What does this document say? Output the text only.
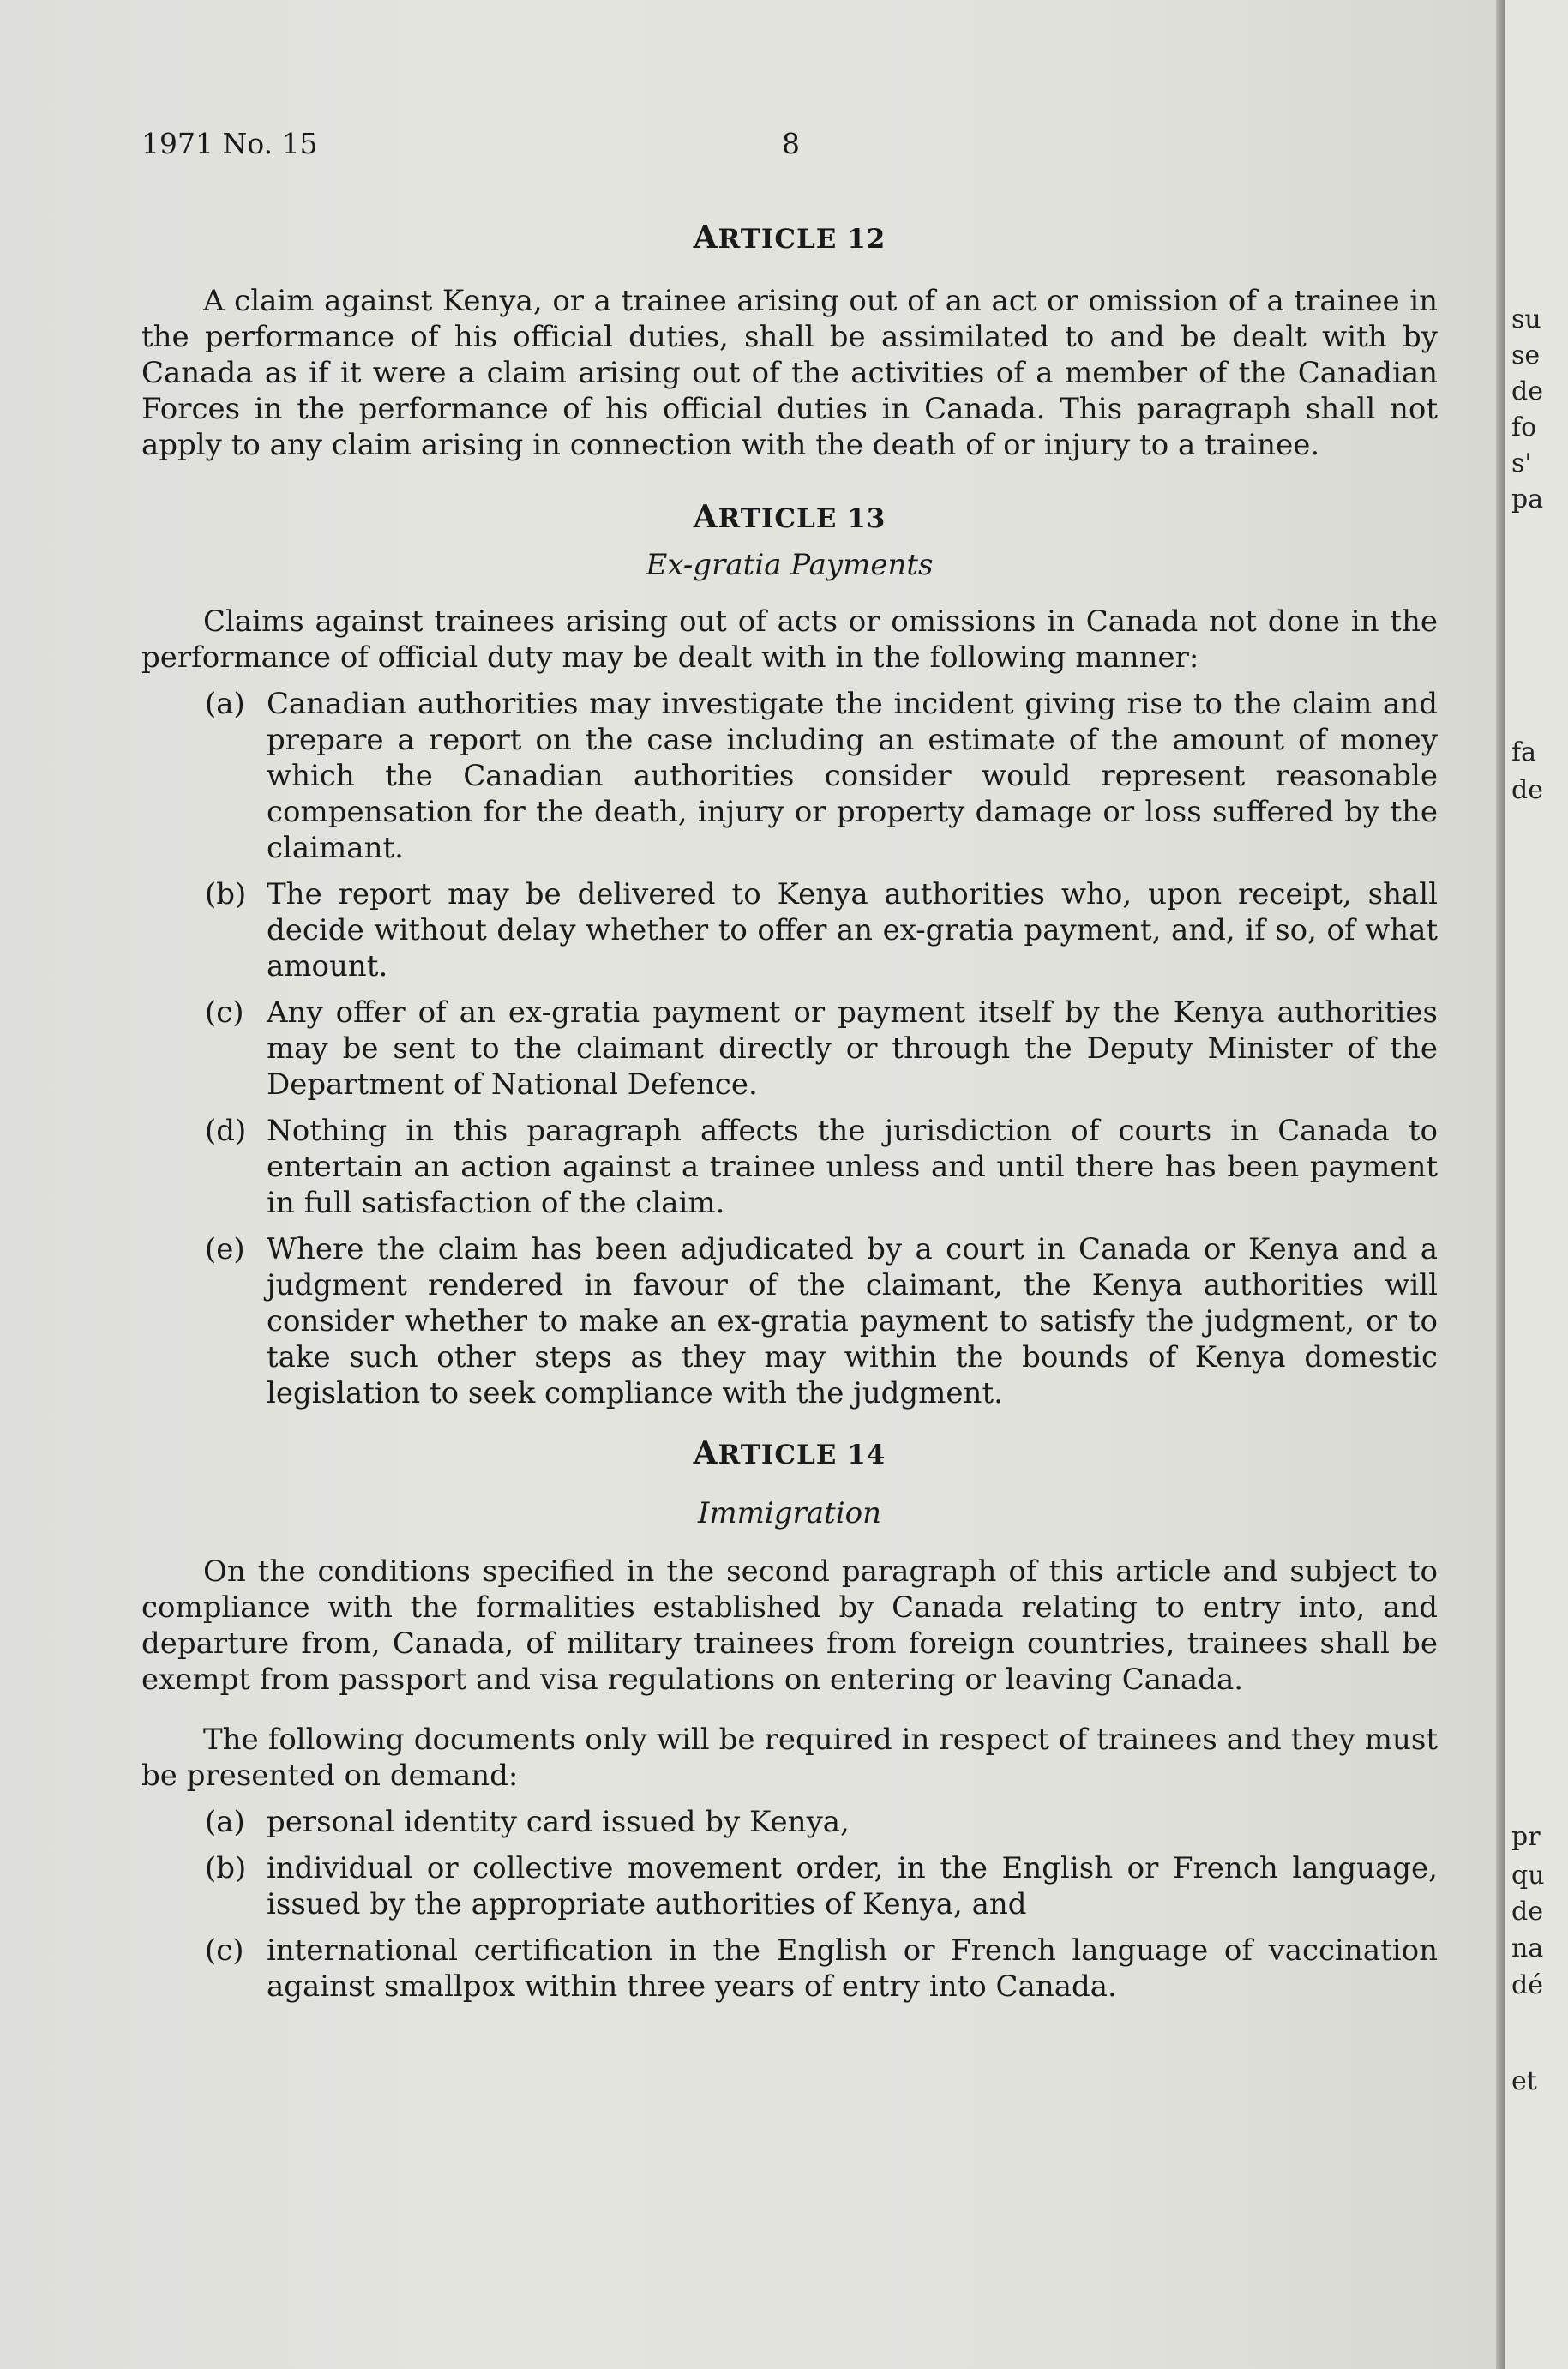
1971 No. 15	8
ARTICLE 12

A claim against Kenya, or a trainee arising out of an act or omission of a trainee in the performance of his official duties, shall be assimilated to and be dealt with by Canada as if it were a claim arising out of the activities of a member of the Canadian Forces in the performance of his official duties in Canada. This paragraph shall not apply to any claim arising in connection with the death of or injury to a trainee.

ARTICLE 13

Ex-gratia Payments

Claims against trainees arising out of acts or omissions in Canada not done in the performance of official duty may be dealt with in the following manner:

(a) Canadian authorities may investigate the incident giving rise to the claim and prepare a report on the case including an estimate of the amount of money which the Canadian authorities consider would represent reasonable compensation for the death, injury or property damage or loss suffered by the claimant.
(b) The report may be delivered to Kenya authorities who, upon receipt, shall decide without delay whether to offer an ex-gratia payment, and, if so, of what amount.
(c) Any offer of an ex-gratia payment or payment itself by the Kenya authorities may be sent to the claimant directly or through the Deputy Minister of the Department of National Defence.
(d) Nothing in this paragraph affects the jurisdiction of courts in Canada to entertain an action against a trainee unless and until there has been payment in full satisfaction of the claim.
(e) Where the claim has been adjudicated by a court in Canada or Kenya and a judgment rendered in favour of the claimant, the Kenya authorities will consider whether to make an ex-gratia payment to satisfy the judgment, or to take such other steps as they may within the bounds of Kenya domestic legislation to seek compliance with the judgment.
ARTICLE 14

Immigration

On the conditions specified in the second paragraph of this article and subject to compliance with the formalities established by Canada relating to entry into, and departure from, Canada, of military trainees from foreign countries, trainees shall be exempt from passport and visa regulations on entering or leaving Canada.

The following documents only will be required in respect of trainees and they must be presented on demand:

(a) personal identity card issued by Kenya,
(b) individual or collective movement order, in the English or French language, issued by the appropriate authorities of Kenya, and
(c) international certification in the English or French language of vaccination against smallpox within three years of entry into Canada.
su
se
de
fo
s'
pa
fa
de
pr
qu
de
na
dé
et
